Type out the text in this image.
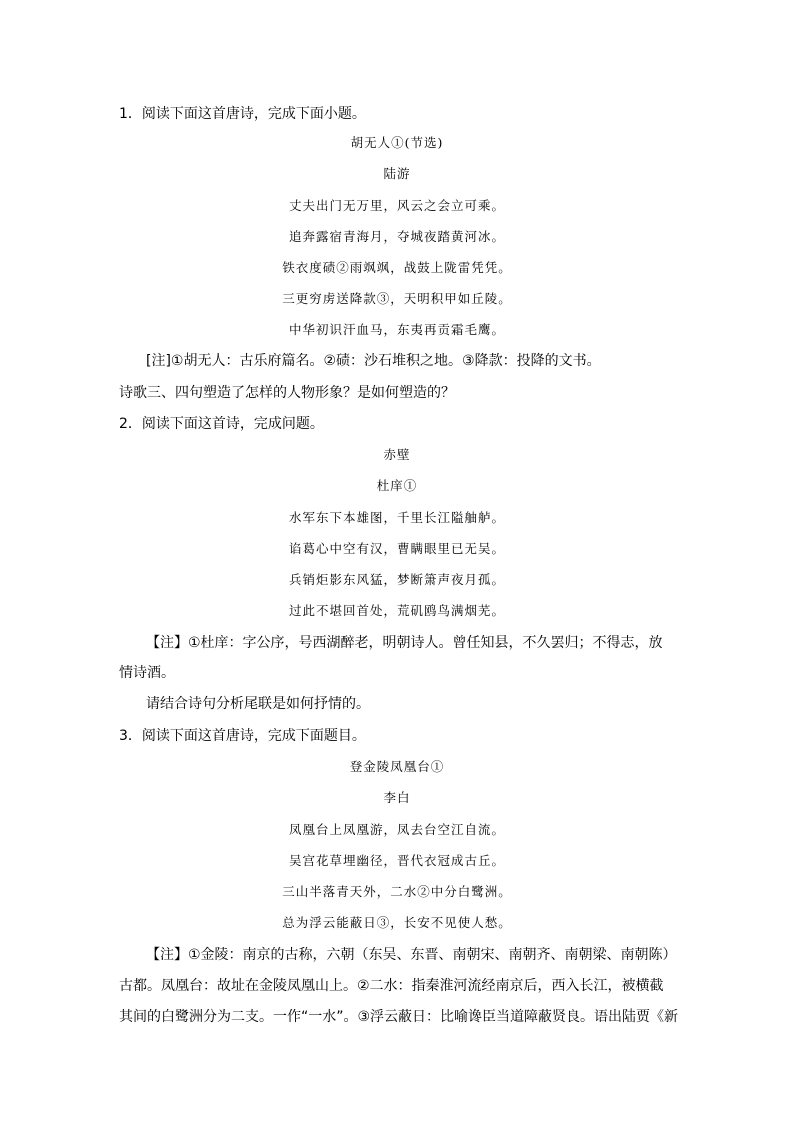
1．阅读下面这首唐诗，完成下面小题。
胡无人①(节选)
陆游
丈夫出门无万里，风云之会立可乘。
追奔露宿青海月，夺城夜踏黄河冰。
铁衣度碛②雨飒飒，战鼓上陇雷凭凭。
三更穷虏送降款③，天明积甲如丘陵。
中华初识汗血马，东夷再贡霜毛鹰。
[注]①胡无人：古乐府篇名。②碛：沙石堆积之地。③降款：投降的文书。
诗歌三、四句塑造了怎样的人物形象？是如何塑造的？
2．阅读下面这首诗，完成问题。
赤壁
杜庠①
水军东下本雄图，千里长江隘舳舻。
谄葛心中空有汉，曹瞒眼里已无吴。
兵销炬影东风猛，梦断箫声夜月孤。
过此不堪回首处，荒矶鸥鸟满烟芜。
【注】①杜庠：字公序，号西湖醉老，明朝诗人。曾任知县，不久罢归；不得志，放
情诗酒。
请结合诗句分析尾联是如何抒情的。
3．阅读下面这首唐诗，完成下面题目。
登金陵凤凰台①
李白
凤凰台上凤凰游，凤去台空江自流。
吴宫花草埋幽径，晋代衣冠成古丘。
三山半落青天外，二水②中分白鹭洲。
总为浮云能蔽日③，长安不见使人愁。
【注】①金陵：南京的古称，六朝（东吴、东晋、南朝宋、南朝齐、南朝梁、南朝陈）
古都。凤凰台：故址在金陵凤凰山上。②二水：指秦淮河流经南京后，西入长江，被横截
其间的白鹭洲分为二支。一作“一水”。③浮云蔽日：比喻谗臣当道障蔽贤良。语出陆贾《新
